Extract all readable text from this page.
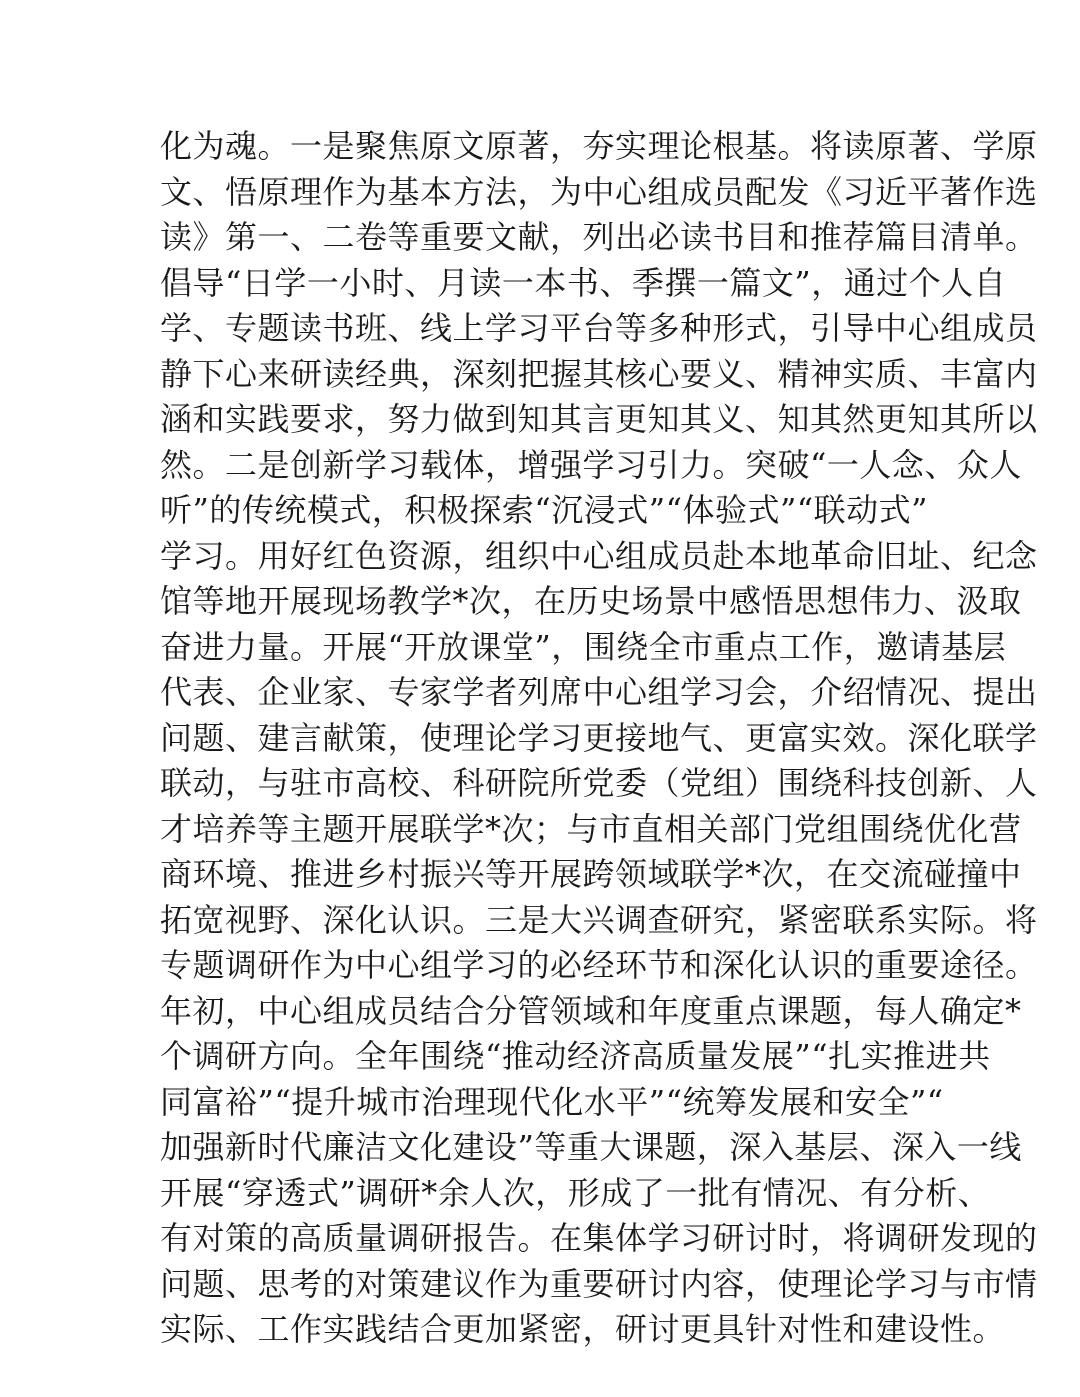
化为魂。一是聚焦原文原著，夯实理论根基。将读原著、学原
文、悟原理作为基本方法，为中心组成员配发《习近平著作选
读》第一、二卷等重要文献，列出必读书目和推荐篇目清单。
倡导“日学一小时、月读一本书、季撰一篇文”，通过个人自
学、专题读书班、线上学习平台等多种形式，引导中心组成员
静下心来研读经典，深刻把握其核心要义、精神实质、丰富内
涵和实践要求，努力做到知其言更知其义、知其然更知其所以
然。二是创新学习载体，增强学习引力。突破“一人念、众人
听”的传统模式，积极探索“沉浸式”“体验式”“联动式”
学习。用好红色资源，组织中心组成员赴本地革命旧址、纪念
馆等地开展现场教学*次，在历史场景中感悟思想伟力、汲取
奋进力量。开展“开放课堂”，围绕全市重点工作，邀请基层
代表、企业家、专家学者列席中心组学习会，介绍情况、提出
问题、建言献策，使理论学习更接地气、更富实效。深化联学
联动，与驻市高校、科研院所党委（党组）围绕科技创新、人
才培养等主题开展联学*次；与市直相关部门党组围绕优化营
商环境、推进乡村振兴等开展跨领域联学*次，在交流碰撞中
拓宽视野、深化认识。三是大兴调查研究，紧密联系实际。将
专题调研作为中心组学习的必经环节和深化认识的重要途径。
年初，中心组成员结合分管领域和年度重点课题，每人确定*
个调研方向。全年围绕“推动经济高质量发展”“扎实推进共
同富裕”“提升城市治理现代化水平”“统筹发展和安全”“
加强新时代廉洁文化建设”等重大课题，深入基层、深入一线
开展“穿透式”调研*余人次，形成了一批有情况、有分析、
有对策的高质量调研报告。在集体学习研讨时，将调研发现的
问题、思考的对策建议作为重要研讨内容，使理论学习与市情
实际、工作实践结合更加紧密，研讨更具针对性和建设性。
